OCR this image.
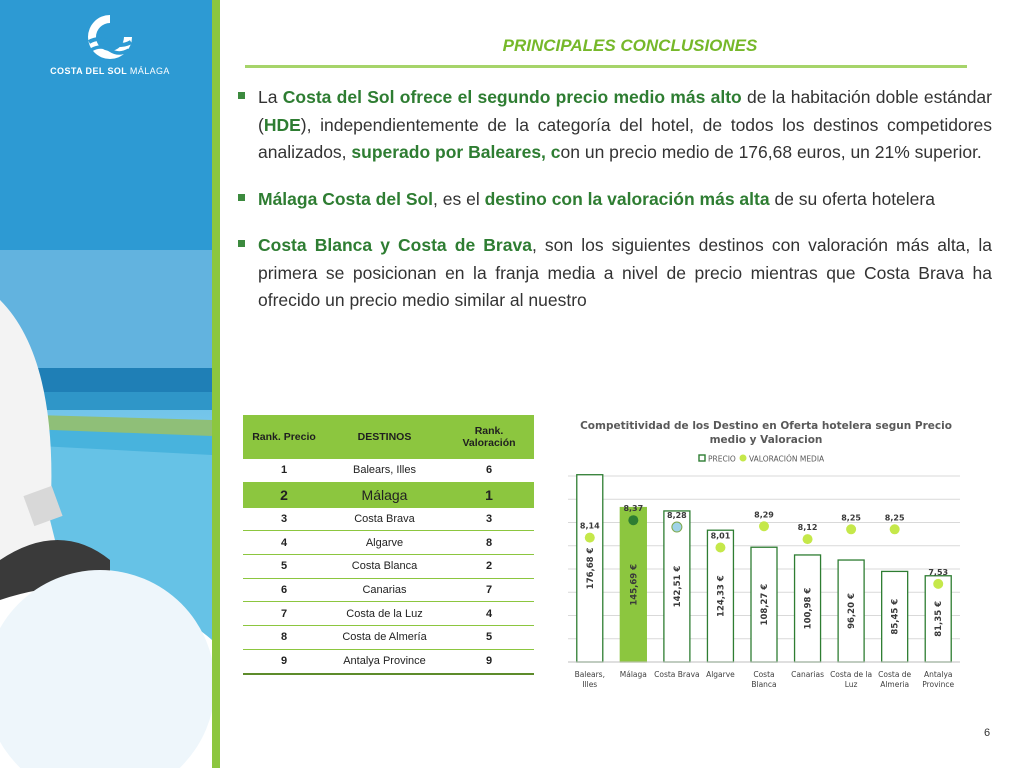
COSTA DEL SOL MÁLAGA
PRINCIPALES CONCLUSIONES
La Costa del Sol ofrece el segundo precio medio más alto de la habitación doble estándar (HDE), independientemente de la categoría del hotel, de todos los destinos competidores analizados, superado por Baleares, con un precio medio de 176,68 euros, un 21% superior.
Málaga Costa del Sol, es el destino con la valoración más alta de su oferta hotelera
Costa Blanca y Costa de Brava, son los siguientes destinos con valoración más alta, la primera se posicionan en la franja media a nivel de precio mientras que Costa Brava ha ofrecido un precio medio similar al nuestro
Rank. Precio	DESTINOS	Rank. Valoración
1	Balears, Illes	6
2	Málaga	1
3	Costa Brava	3
4	Algarve	8
5	Costa Blanca	2
6	Canarias	7
7	Costa de la Luz	4
8	Costa de Almería	5
9	Antalya Province	9
Competitividad de los Destino en Oferta hotelera segun Precio
medio y Valoracion
PRECIO VALORACIÓN MEDIA
176,68 €
8,14
Balears,
Illes
145,69 €
8,37
Málaga
142,51 €
8,28
Costa Brava
124,33 €
8,01
Algarve
108,27 €
8,29
Costa
Blanca
100,98 €
8,12
Canarias
96,20 €
8,25
Costa de la
Luz
85,45 €
8,25
Costa de
Almeria
81,35 €
7,53
Antalya
Province
6
